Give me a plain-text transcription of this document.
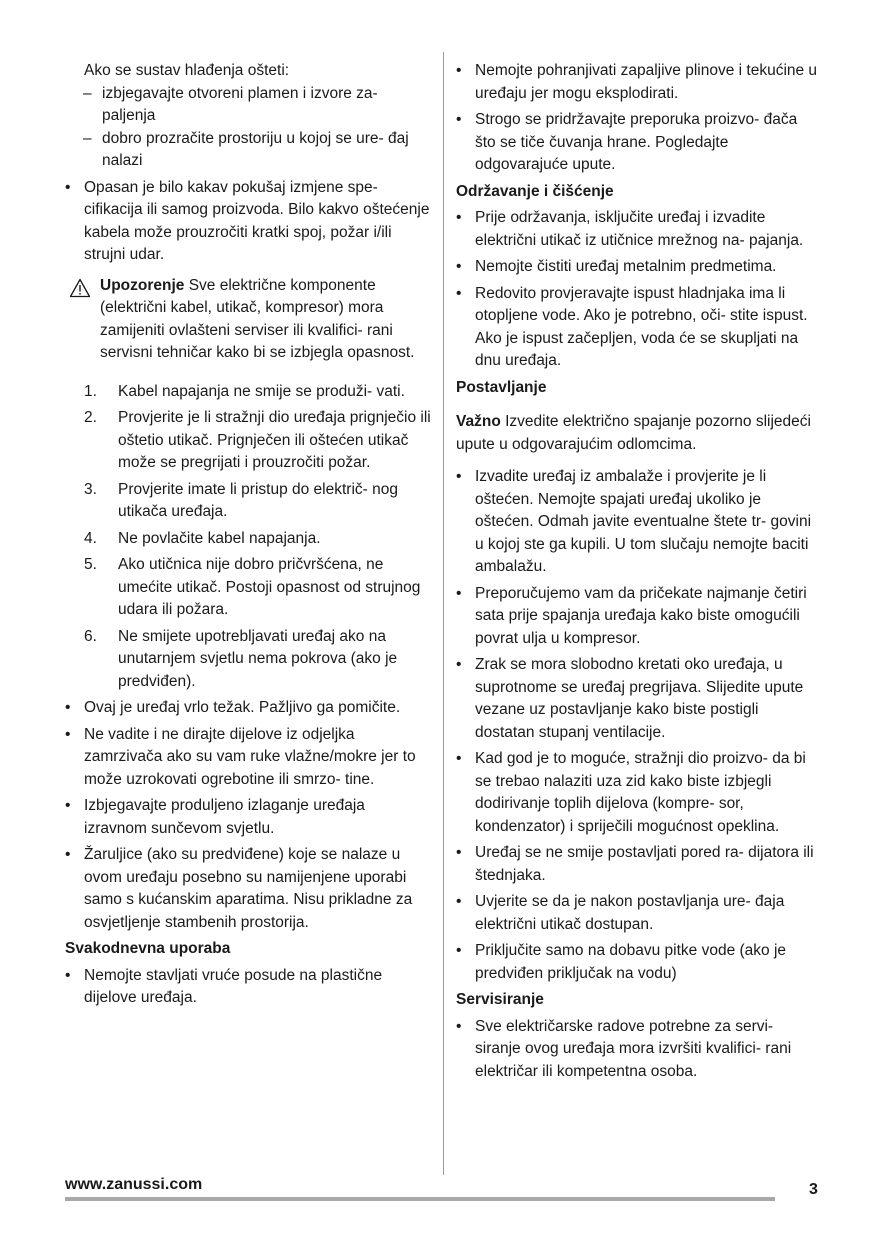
Ako se sustav hlađenja ošteti:

– izbjegavajte otvoreni plamen i izvore za- paljenja

– dobro prozračite prostoriju u kojoj se ure- đaj nalazi

• Opasan je bilo kakav pokušaj izmjene spe- cifikacija ili samog proizvoda. Bilo kakvo oštećenje kabela može prouzročiti kratki spoj, požar i/ili strujni udar.

Upozorenje Sve električne komponente (električni kabel, utikač, kompresor) mora zamijeniti ovlašteni serviser ili kvalifici- rani servisni tehničar kako bi se izbjegla opasnost.

1. Kabel napajanja ne smije se produži- vati.

2. Provjerite je li stražnji dio uređaja prignječio ili oštetio utikač. Prignječen ili oštećen utikač može se pregrijati i prouzročiti požar.

3. Provjerite imate li pristup do električ- nog utikača uređaja.

4. Ne povlačite kabel napajanja.

5. Ako utičnica nije dobro pričvršćena, ne umećite utikač. Postoji opasnost od strujnog udara ili požara.

6. Ne smijete upotrebljavati uređaj ako na unutarnjem svjetlu nema pokrova (ako je predviđen).

• Ovaj je uređaj vrlo težak. Pažljivo ga pomičite.

• Ne vadite i ne dirajte dijelove iz odjeljka zamrzivača ako su vam ruke vlažne/mokre jer to može uzrokovati ogrebotine ili smrzo- tine.

• Izbjegavajte produljeno izlaganje uređaja izravnom sunčevom svjetlu.

• Žaruljice (ako su predviđene) koje se nalaze u ovom uređaju posebno su namijenjene uporabi samo s kućanskim aparatima. Nisu prikladne za osvjetljenje stambenih prostorija.

Svakodnevna uporaba

• Nemojte stavljati vruće posude na plastične dijelove uređaja.

• Nemojte pohranjivati zapaljive plinove i tekućine u uređaju jer mogu eksplodirati.

• Strogo se pridržavajte preporuka proizvo- đača što se tiče čuvanja hrane. Pogledajte odgovarajuće upute.

Održavanje i čišćenje

• Prije održavanja, isključite uređaj i izvadite električni utikač iz utičnice mrežnog na- pajanja.

• Nemojte čistiti uređaj metalnim predmetima.

• Redovito provjeravajte ispust hladnjaka ima li otopljene vode. Ako je potrebno, oči- stite ispust. Ako je ispust začepljen, voda će se skupljati na dnu uređaja.

Postavljanje

Važno Izvedite električno spajanje pozorno slijedeći upute u odgovarajućim odlomcima.

• Izvadite uređaj iz ambalaže i provjerite je li oštećen. Nemojte spajati uređaj ukoliko je oštećen. Odmah javite eventualne štete tr- govini u kojoj ste ga kupili. U tom slučaju nemojte baciti ambalažu.

• Preporučujemo vam da pričekate najmanje četiri sata prije spajanja uređaja kako biste omogućili povrat ulja u kompresor.

• Zrak se mora slobodno kretati oko uređaja, u suprotnome se uređaj pregrijava. Slijedite upute vezane uz postavljanje kako biste postigli dostatan stupanj ventilacije.

• Kad god je to moguće, stražnji dio proizvo- da bi se trebao nalaziti uza zid kako biste izbjegli dodirivanje toplih dijelova (kompre- sor, kondenzator) i spriječili mogućnost opeklina.

• Uređaj se ne smije postavljati pored ra- dijatora ili štednjaka.

• Uvjerite se da je nakon postavljanja ure- đaja električni utikač dostupan.

• Priključite samo na dobavu pitke vode (ako je predviđen priključak na vodu)

Servisiranje

• Sve električarske radove potrebne za servi- siranje ovog uređaja mora izvršiti kvalifici- rani električar ili kompetentna osoba.

www.zanussi.com	3
